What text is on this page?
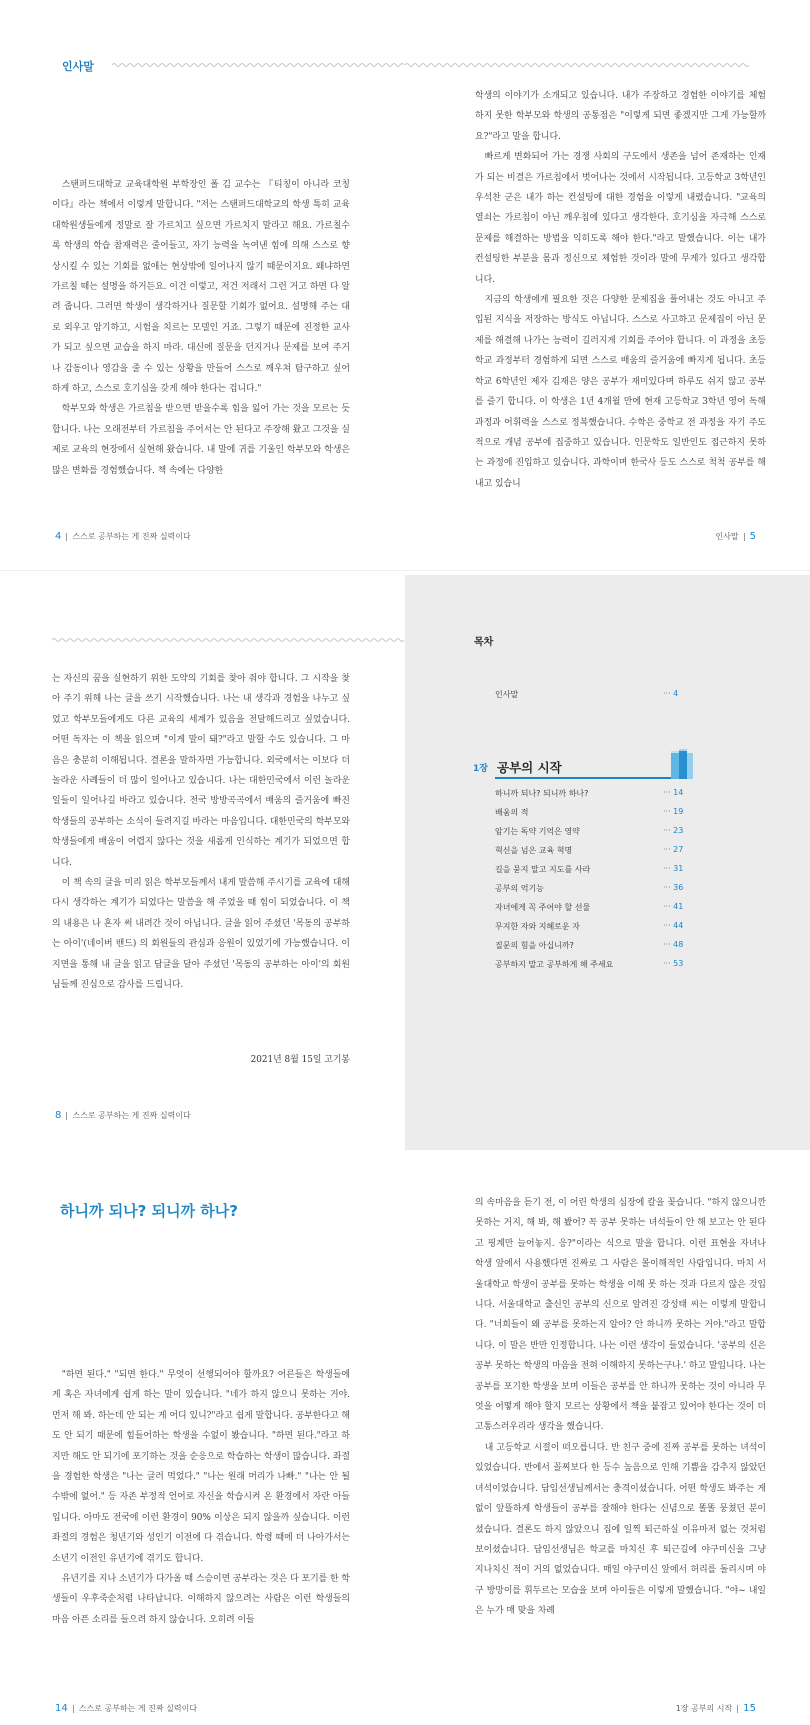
인사말

스탠퍼드대학교 교육대학원 부학장인 폴 김 교수는 『티칭이 아니라 코칭이다』라는 책에서 이렇게 말합니다. "저는 스탠퍼드대학교의 학생 특히 교육대학원생들에게 정말로 잘 가르치고 싶으면 가르치지 말라고 해요. 가르칠수록 학생의 학습 참재력은 줄어들고, 자기 능력을 녹여낸 힘에 의해 스스로 향상시킬 수 있는 기회를 없애는 현상밖에 일어나지 않기 때문이지요. 왜냐하면 가르칠 때는 설명을 하거든요. 이건 이렇고, 저건 저래서 그런 거고 하면 다 알려 줍니다. 그러면 학생이 생각하거나 질문할 기회가 없어요. 설명해 주는 대로 외우고 암기하고, 시험을 치르는 모델인 거죠. 그렇기 때문에 진정한 교사가 되고 싶으면 교습을 하지 마라. 대신에 질문을 던지거나 문제를 보여 주거나 감동이나 영감을 줄 수 있는 상황을 만들어 스스로 깨우쳐 탐구하고 싶어 하게 하고, 스스로 호기심을 갖게 해야 한다는 겁니다."

학부모와 학생은 가르침을 받으면 받을수록 힘을 잃어 가는 것을 모르는 듯합니다. 나는 오래전부터 가르침을 주어서는 안 된다고 주장해 왔고 그것을 실제로 교육의 현장에서 실현해 왔습니다. 내 말에 귀를 기울인 학부모와 학생은 많은 변화를 경험했습니다. 책 속에는 다양한

4 스스로 공부하는 게 진짜 실력이다

학생의 이야기가 소개되고 있습니다. 내가 주장하고 경험한 이야기를 체험하지 못한 학부모와 학생의 공통점은 "이렇게 되면 좋겠지만 그게 가능할까요?"라고 말을 합니다.

빠르게 변화되어 가는 경쟁 사회의 구도에서 생존을 넘어 존재하는 인재가 되는 비결은 가르침에서 벗어나는 것에서 시작됩니다. 고등학교 3학년인 우석찬 군은 내가 하는 컨설팅에 대한 경험을 이렇게 내렸습니다. "교육의 열쇠는 가르침이 아닌 깨우침에 있다고 생각한다. 호기심을 자극해 스스로 문제를 해결하는 방법을 익히도록 해야 한다."라고 말했습니다. 이는 내가 컨설팅한 부분을 몸과 정신으로 체험한 것이라 말에 무게가 있다고 생각합니다.

지금의 학생에게 필요한 것은 다양한 문제집을 풀어내는 것도 아니고 주입된 지식을 저장하는 방식도 아닙니다. 스스로 사고하고 문제집이 아닌 문제를 해결해 나가는 능력이 길러지게 기회를 주어야 합니다. 이 과정을 초등학교 과정부터 경험하게 되면 스스로 배움의 즐거움에 빠지게 됩니다. 초등학교 6학년인 제자 김재은 양은 공부가 재미있다며 하루도 쉬지 않고 공부를 즐기 합니다. 이 학생은 1년 4개월 만에 현재 고등학교 3학년 영어 독해 과정과 어휘력을 스스로 정복했습니다. 수학은 중학교 전 과정을 자기 주도적으로 개념 공부에 집중하고 있습니다. 인문학도 일반인도 접근하지 못하는 과정에 진입하고 있습니다. 과학이며 한국사 등도 스스로 척척 공부를 해 내고 있습니

인사말 5

는 자신의 꿈을 실현하기 위한 도약의 기회를 찾아 줘야 합니다. 그 시작을 찾아 주기 위해 나는 글을 쓰기 시작했습니다. 나는 내 생각과 경험을 나누고 싶었고 학부모들에게도 다른 교육의 세계가 있음을 전달해드리고 싶었습니다. 어떤 독자는 이 책을 읽으며 "이게 말이 돼?"라고 말할 수도 있습니다. 그 마음은 충분히 이해됩니다. 결론을 말하자면 가능합니다. 외국에서는 이보다 더 놀라운 사례들이 더 많이 일어나고 있습니다. 나는 대한민국에서 이런 놀라운 일들이 일어나길 바라고 있습니다. 전국 방방곡곡에서 배움의 즐거움에 빠진 학생들의 공부하는 소식이 들려지길 바라는 마음입니다. 대한민국의 학부모와 학생들에게 배움이 어렵지 않다는 것을 새롭게 인식하는 계기가 되었으면 합니다.

이 책 속의 글을 미리 읽은 학부모들께서 내게 말씀해 주시기를 교육에 대해 다시 생각하는 계기가 되었다는 말씀을 해 주었을 때 힘이 되었습니다. 이 책의 내용은 나 혼자 써 내려간 것이 아닙니다. 글을 읽어 주셨던 '목동의 공부하는 아이'(네이버 밴드) 의 회원들의 관심과 응원이 있었기에 가능했습니다. 이 지면을 통해 내 글을 읽고 답글을 달아 주셨던 '목동의 공부하는 아이'의 회원님들께 진심으로 감사를 드립니다.

2021년 8월 15일 고기봉
8 스스로 공부하는 게 진짜 실력이다
목차
인사말	··· 4
1장 공부의 시작
하니까 되나? 되니까 하나?	··· 14
배움의 적	··· 19
암기는 독약 기억은 영약	··· 23
혁신을 넘은 교육 혁명	··· 27
길을 묻지 말고 지도를 사라	··· 31
공부의 억기능	··· 36
자녀에게 꼭 주어야 할 선물	··· 41
무지한 자와 지혜로운 자	··· 44
질문의 힘을 아십니까?	··· 48
공부하지 말고 공부하게 해 주세요	··· 53
하니까 되나? 되니까 하나?

"하면 된다." "되면 한다." 무엇이 선행되어야 할까요? 어른들은 학생들에게 혹은 자녀에게 쉽게 하는 말이 있습니다. "네가 하지 않으니 못하는 거야. 먼저 해 봐. 하는데 안 되는 게 어디 있니?"라고 쉽게 말합니다. 공부한다고 해도 안 되기 때문에 힘들어하는 학생을 수없이 봤습니다. "하면 된다."라고 하지만 해도 안 되기에 포기하는 것을 순응으로 학습하는 학생이 많습니다. 좌절을 경험한 학생은 "나는 글러 먹었다." "나는 원래 머리가 나빠." "나는 안 될 수밖에 없어." 등 자존 부정적 언어로 자신을 학습시켜 온 환경에서 자란 아들입니다. 아마도 전국에 이런 환경이 90% 이상은 되지 않을까 싶습니다. 이런 좌절의 경험은 청년기와 성인기 이전에 다 겪습니다. 학령 때에 더 나아가서는 소년기 이전인 유년기에 겪기도 합니다.

유년기를 지나 소년기가 다가올 때 스승이면 공부라는 것은 다 포기를 한 학생들이 우후죽순처럼 나타납니다. 이해하지 않으려는 사람은 이런 학생들의 마음 아픈 소리를 들으려 하지 않습니다. 오히려 이들

14 스스로 공부하는 게 진짜 실력이다

의 속마음을 듣기 전, 이 어린 학생의 심장에 칼을 꽂습니다. "하지 않으니깐 못하는 거지, 해 봐, 해 봤어? 꼭 공부 못하는 녀석들이 안 해 보고는 안 된다고 핑계만 늘어놓지. 응?"이라는 식으로 말을 합니다. 이런 표현을 자녀나 학생 앞에서 사용했다면 진짜로 그 사람은 몰이해적인 사람입니다. 마치 서울대학교 학생이 공부를 못하는 학생을 이해 못 하는 것과 다르지 않은 것입니다. 서울대학교 출신인 공부의 신으로 알려진 강성태 씨는 이렇게 말합니다. "너희들이 왜 공부를 못하는지 알아? 안 하니까 못하는 거야."라고 말합니다. 이 말은 반만 인정합니다. 나는 이런 생각이 들었습니다. '공부의 신은 공부 못하는 학생의 마음을 전혀 이해하지 못하는구나.' 하고 말입니다. 나는 공부를 포기한 학생을 보며 이들은 공부를 안 하니까 못하는 것이 아니라 무엇을 어떻게 해야 할지 모르는 상황에서 책을 붙잡고 있어야 한다는 것이 더 고통스러우리라 생각을 했습니다.

내 고등학교 시절이 떠오릅니다. 반 친구 중에 진짜 공부를 못하는 녀석이 있었습니다. 반에서 꼴찌보다 한 등수 높음으로 인해 기쁨을 감추지 않았던 녀석이었습니다. 담임선생님께서는 충격이셨습니다. 어떤 학생도 봐주는 게 없이 앞뜰하게 학생들이 공부를 잘해야 한다는 신념으로 똘똘 뭉쳤던 분이셨습니다. 결론도 하지 않았으니 집에 일찍 퇴근하실 이유마저 없는 것처럼 보이셨습니다. 담임선생님은 학교를 마치신 후 퇴근길에 야구미신을 그냥 지나치신 적이 거의 없었습니다. 매일 야구미신 앞에서 허리를 돌리시며 야구 방망이를 휘두르는 모습을 보며 아이들은 이렇게 말했습니다. "야~ 내일은 누가 매 맞을 차례

1장 공부의 시작 15
